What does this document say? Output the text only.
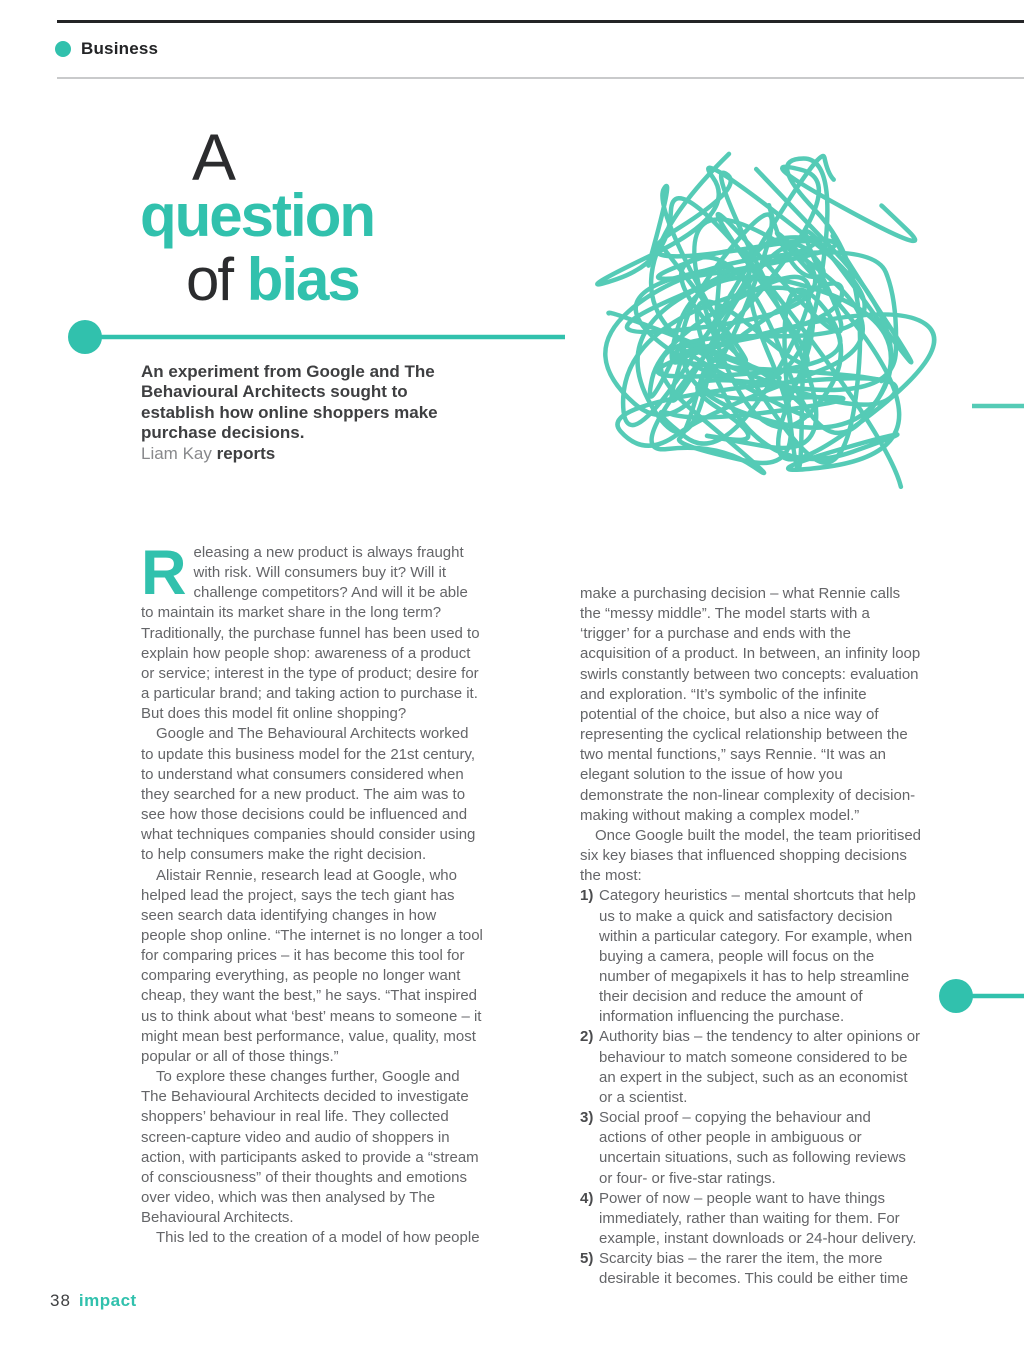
Business
A
question
of bias
An experiment from Google and The Behavioural Architects sought to establish how online shoppers make purchase decisions.
Liam Kay reports

Releasing a new product is always fraught with risk. Will consumers buy it? Will it challenge competitors? And will it be able to maintain its market share in the long term? Traditionally, the purchase funnel has been used to explain how people shop: awareness of a product or service; interest in the type of product; desire for a particular brand; and taking action to purchase it. But does this model fit online shopping?

Google and The Behavioural Architects worked to update this business model for the 21st century, to understand what consumers considered when they searched for a new product. The aim was to see how those decisions could be influenced and what techniques companies should consider using to help consumers make the right decision.

Alistair Rennie, research lead at Google, who helped lead the project, says the tech giant has seen search data identifying changes in how people shop online. “The internet is no longer a tool for comparing prices – it has become this tool for comparing everything, as people no longer want cheap, they want the best,” he says. “That inspired us to think about what ‘best’ means to someone – it might mean best performance, value, quality, most popular or all of those things.”

To explore these changes further, Google and The Behavioural Architects decided to investigate shoppers’ behaviour in real life. They collected screen-capture video and audio of shoppers in action, with participants asked to provide a “stream of consciousness” of their thoughts and emotions over video, which was then analysed by The Behavioural Architects.

This led to the creation of a model of how people

make a purchasing decision – what Rennie calls the “messy middle”. The model starts with a ‘trigger’ for a purchase and ends with the acquisition of a product. In between, an infinity loop swirls constantly between two concepts: evaluation and exploration. “It’s symbolic of the infinite potential of the choice, but also a nice way of representing the cyclical relationship between the two mental functions,” says Rennie. “It was an elegant solution to the issue of how you demonstrate the non-linear complexity of decision-making without making a complex model.”

Once Google built the model, the team prioritised six key biases that influenced shopping decisions the most:

1) Category heuristics – mental shortcuts that help us to make a quick and satisfactory decision within a particular category. For example, when buying a camera, people will focus on the number of megapixels it has to help streamline their decision and reduce the amount of information influencing the purchase.
2) Authority bias – the tendency to alter opinions or behaviour to match someone considered to be an expert in the subject, such as an economist or a scientist.
3) Social proof – copying the behaviour and actions of other people in ambiguous or uncertain situations, such as following reviews or four- or five-star ratings.
4) Power of now – people want to have things immediately, rather than waiting for them. For example, instant downloads or 24-hour delivery.
5) Scarcity bias – the rarer the item, the more desirable it becomes. This could be either time
38 impact
